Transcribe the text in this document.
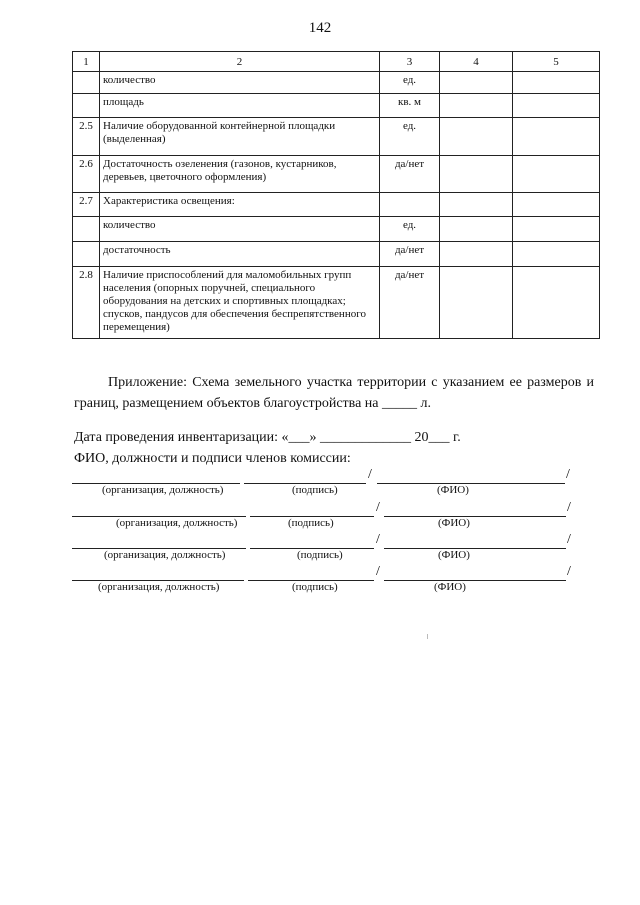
142
1	2	3	4	5
	количество	ед.		
	площадь	кв. м		
2.5	Наличие оборудованной контейнерной площадки (выделенная)	ед.		
2.6	Достаточность озеленения (газонов, кустарников, деревьев, цветочного оформления)	да/нет		
2.7	Характеристика освещения:			
	количество	ед.		
	достаточность	да/нет		
2.8	Наличие приспособлений для маломобильных групп населения (опорных поручней, специального оборудования на детских и спортивных площадках; спусков, пандусов для обеспечения беспрепятственного перемещения)	да/нет		
Приложение: Схема земельного участка территории с указанием ее размеров и границ, размещением объектов благоустройства на _____ л.
Дата проведения инвентаризации: «___» _____________ 20___ г.
ФИО, должности и подписи членов комиссии:
/	/
(организация, должность)	(подпись)	(ФИО)
/	/
(организация, должность)	(подпись)	(ФИО)
/	/
(организация, должность)	(подпись)	(ФИО)
/	/
(организация, должность)	(подпись)	(ФИО)
